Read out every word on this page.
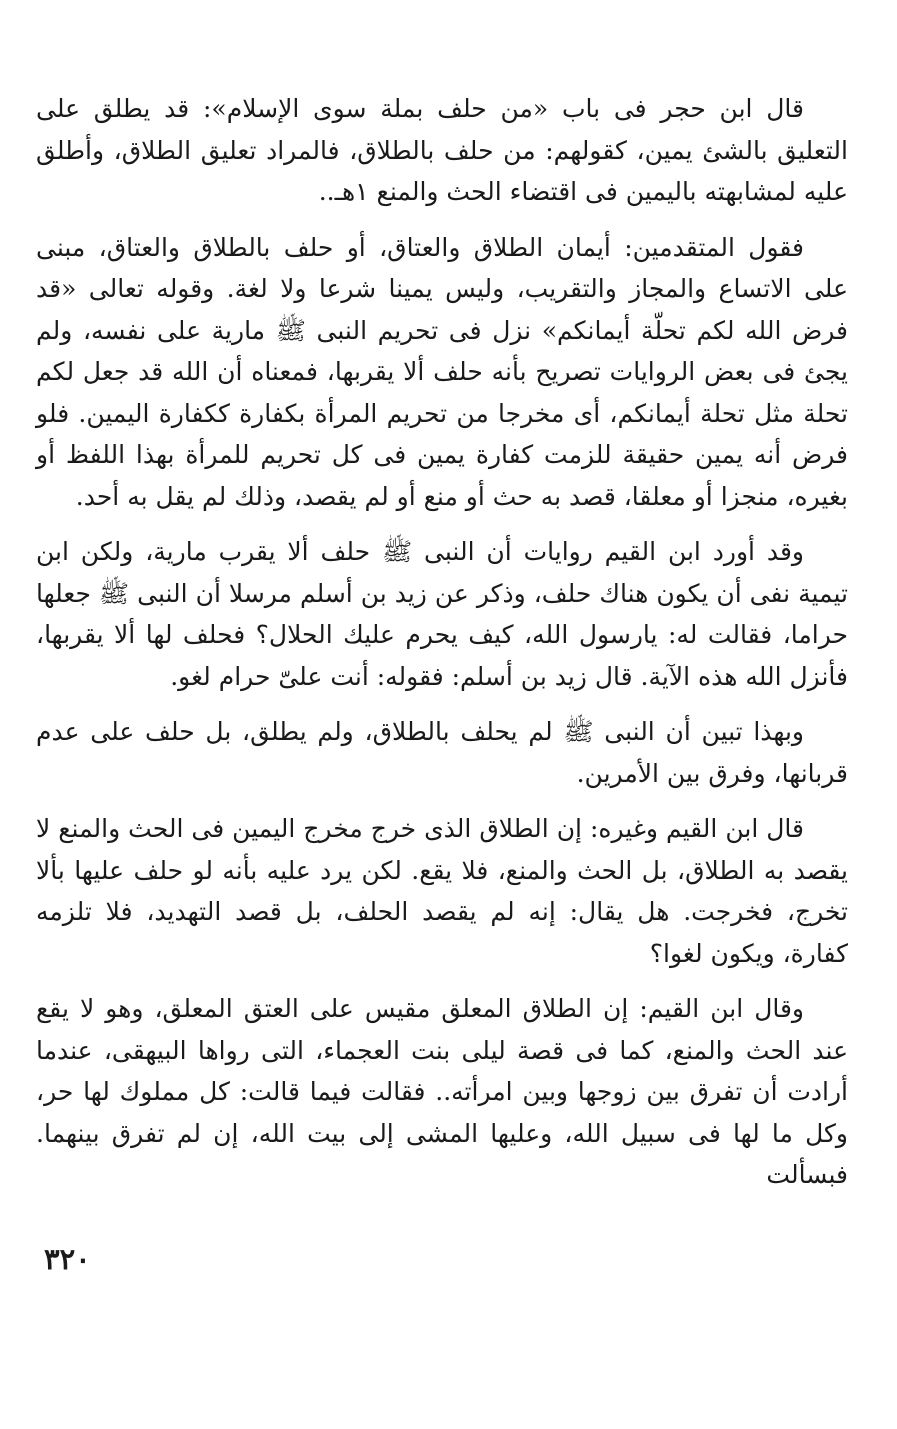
قال ابن حجر فى باب «من حلف بملة سوى الإسلام»: قد يطلق على التعليق بالشئ يمين، كقولهم: من حلف بالطلاق، فالمراد تعليق الطلاق، وأطلق عليه لمشابهته باليمين فى اقتضاء الحث والمنع ١هـ..

فقول المتقدمين: أيمان الطلاق والعتاق، أو حلف بالطلاق والعتاق، مبنى على الاتساع والمجاز والتقريب، وليس يمينا شرعا ولا لغة. وقوله تعالى «قد فرض الله لكم تحلّة أيمانكم» نزل فى تحريم النبى ﷺ مارية على نفسه، ولم يجئ فى بعض الروايات تصريح بأنه حلف ألا يقربها، فمعناه أن الله قد جعل لكم تحلة مثل تحلة أيمانكم، أى مخرجا من تحريم المرأة بكفارة ككفارة اليمين. فلو فرض أنه يمين حقيقة للزمت كفارة يمين فى كل تحريم للمرأة بهذا اللفظ أو بغيره، منجزا أو معلقا، قصد به حث أو منع أو لم يقصد، وذلك لم يقل به أحد.

وقد أورد ابن القيم روايات أن النبى ﷺ حلف ألا يقرب مارية، ولكن ابن تيمية نفى أن يكون هناك حلف، وذكر عن زيد بن أسلم مرسلا أن النبى ﷺ جعلها حراما، فقالت له: يارسول الله، كيف يحرم عليك الحلال؟ فحلف لها ألا يقربها، فأنزل الله هذه الآية. قال زيد بن أسلم: فقوله: أنت علىّ حرام لغو.

وبهذا تبين أن النبى ﷺ لم يحلف بالطلاق، ولم يطلق، بل حلف على عدم قربانها، وفرق بين الأمرين.

قال ابن القيم وغيره: إن الطلاق الذى خرج مخرج اليمين فى الحث والمنع لا يقصد به الطلاق، بل الحث والمنع، فلا يقع. لكن يرد عليه بأنه لو حلف عليها بألا تخرج، فخرجت. هل يقال: إنه لم يقصد الحلف، بل قصد التهديد، فلا تلزمه كفارة، ويكون لغوا؟

وقال ابن القيم: إن الطلاق المعلق مقيس على العتق المعلق، وهو لا يقع عند الحث والمنع، كما فى قصة ليلى بنت العجماء، التى رواها البيهقى، عندما أرادت أن تفرق بين زوجها وبين امرأته.. فقالت فيما قالت: كل مملوك لها حر، وكل ما لها فى سبيل الله، وعليها المشى إلى بيت الله، إن لم تفرق بينهما. فبسألت

٣٢٠
